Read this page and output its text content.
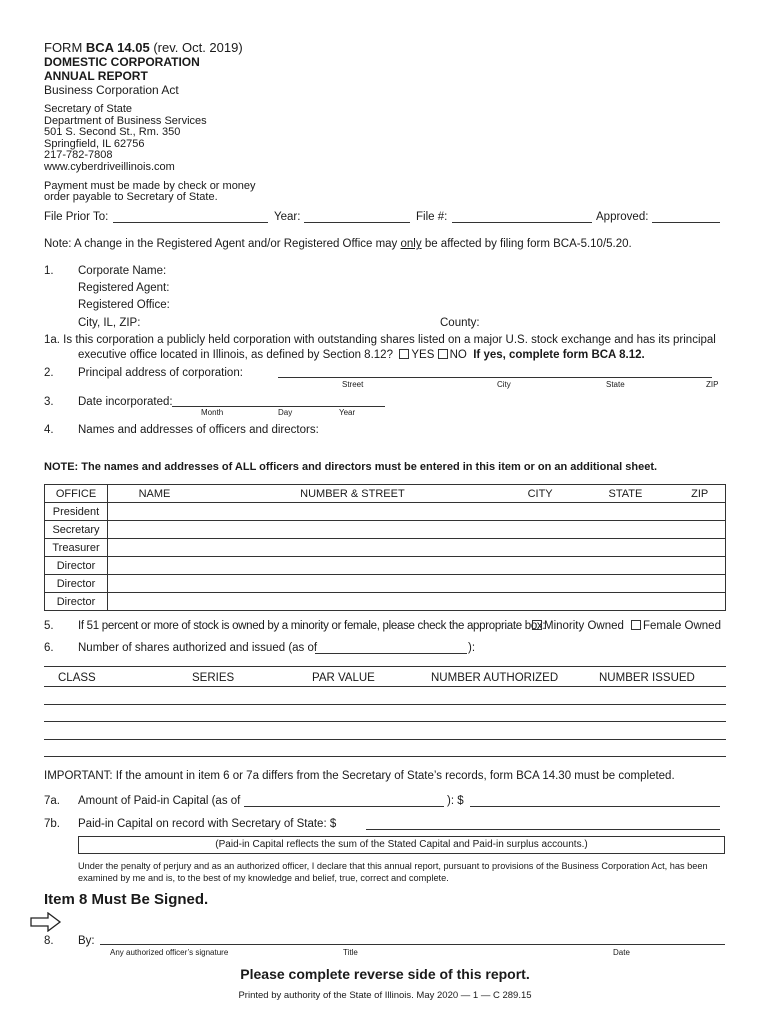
FORM BCA 14.05 (rev. Oct. 2019)
DOMESTIC CORPORATION
ANNUAL REPORT
Business Corporation Act
Secretary of State
Department of Business Services
501 S. Second St., Rm. 350
Springfield, IL 62756
217-782-7808
www.cyberdriveillinois.com
Payment must be made by check or money
order payable to Secretary of State.
File Prior To:	Year:	File #:	Approved:
Note: A change in the Registered Agent and/or Registered Office may only be affected by filing form BCA-5.10/5.20.
1. Corporate Name:
Registered Agent:
Registered Office:
City, IL, ZIP:	County:
1a. Is this corporation a publicly held corporation with outstanding shares listed on a major U.S. stock exchange and has its principal
executive office located in Illinois, as defined by Section 8.12? YES NO If yes, complete form BCA 8.12.
2. Principal address of corporation:
Street	City	State	ZIP
3. Date incorporated:
Month	Day	Year
4. Names and addresses of officers and directors:
NOTE: The names and addresses of ALL officers and directors must be entered in this item or on an additional sheet.
OFFICE	NAME	NUMBER & STREET	CITY	STATE	ZIP
President					
Secretary					
Treasurer					
Director					
Director					
Director					
5. If 51 percent or more of stock is owned by a minority or female, please check the appropriate box:
Minority Owned	Female Owned
6. Number of shares authorized and issued (as of	):
CLASS	SERIES	PAR VALUE	NUMBER AUTHORIZED	NUMBER ISSUED
IMPORTANT: If the amount in item 6 or 7a differs from the Secretary of State’s records, form BCA 14.30 must be completed.
7a. Amount of Paid-in Capital (as of	): $
7b. Paid-in Capital on record with Secretary of State: $
(Paid-in Capital reflects the sum of the Stated Capital and Paid-in surplus accounts.)
Under the penalty of perjury and as an authorized officer, I declare that this annual report, pursuant to provisions of the Business Corporation Act, has been
examined by me and is, to the best of my knowledge and belief, true, correct and complete.
Item 8 Must Be Signed.
8. By:
Any authorized officer’s signature	Title	Date
Please complete reverse side of this report.
Printed by authority of the State of Illinois. May 2020 — 1 — C 289.15
